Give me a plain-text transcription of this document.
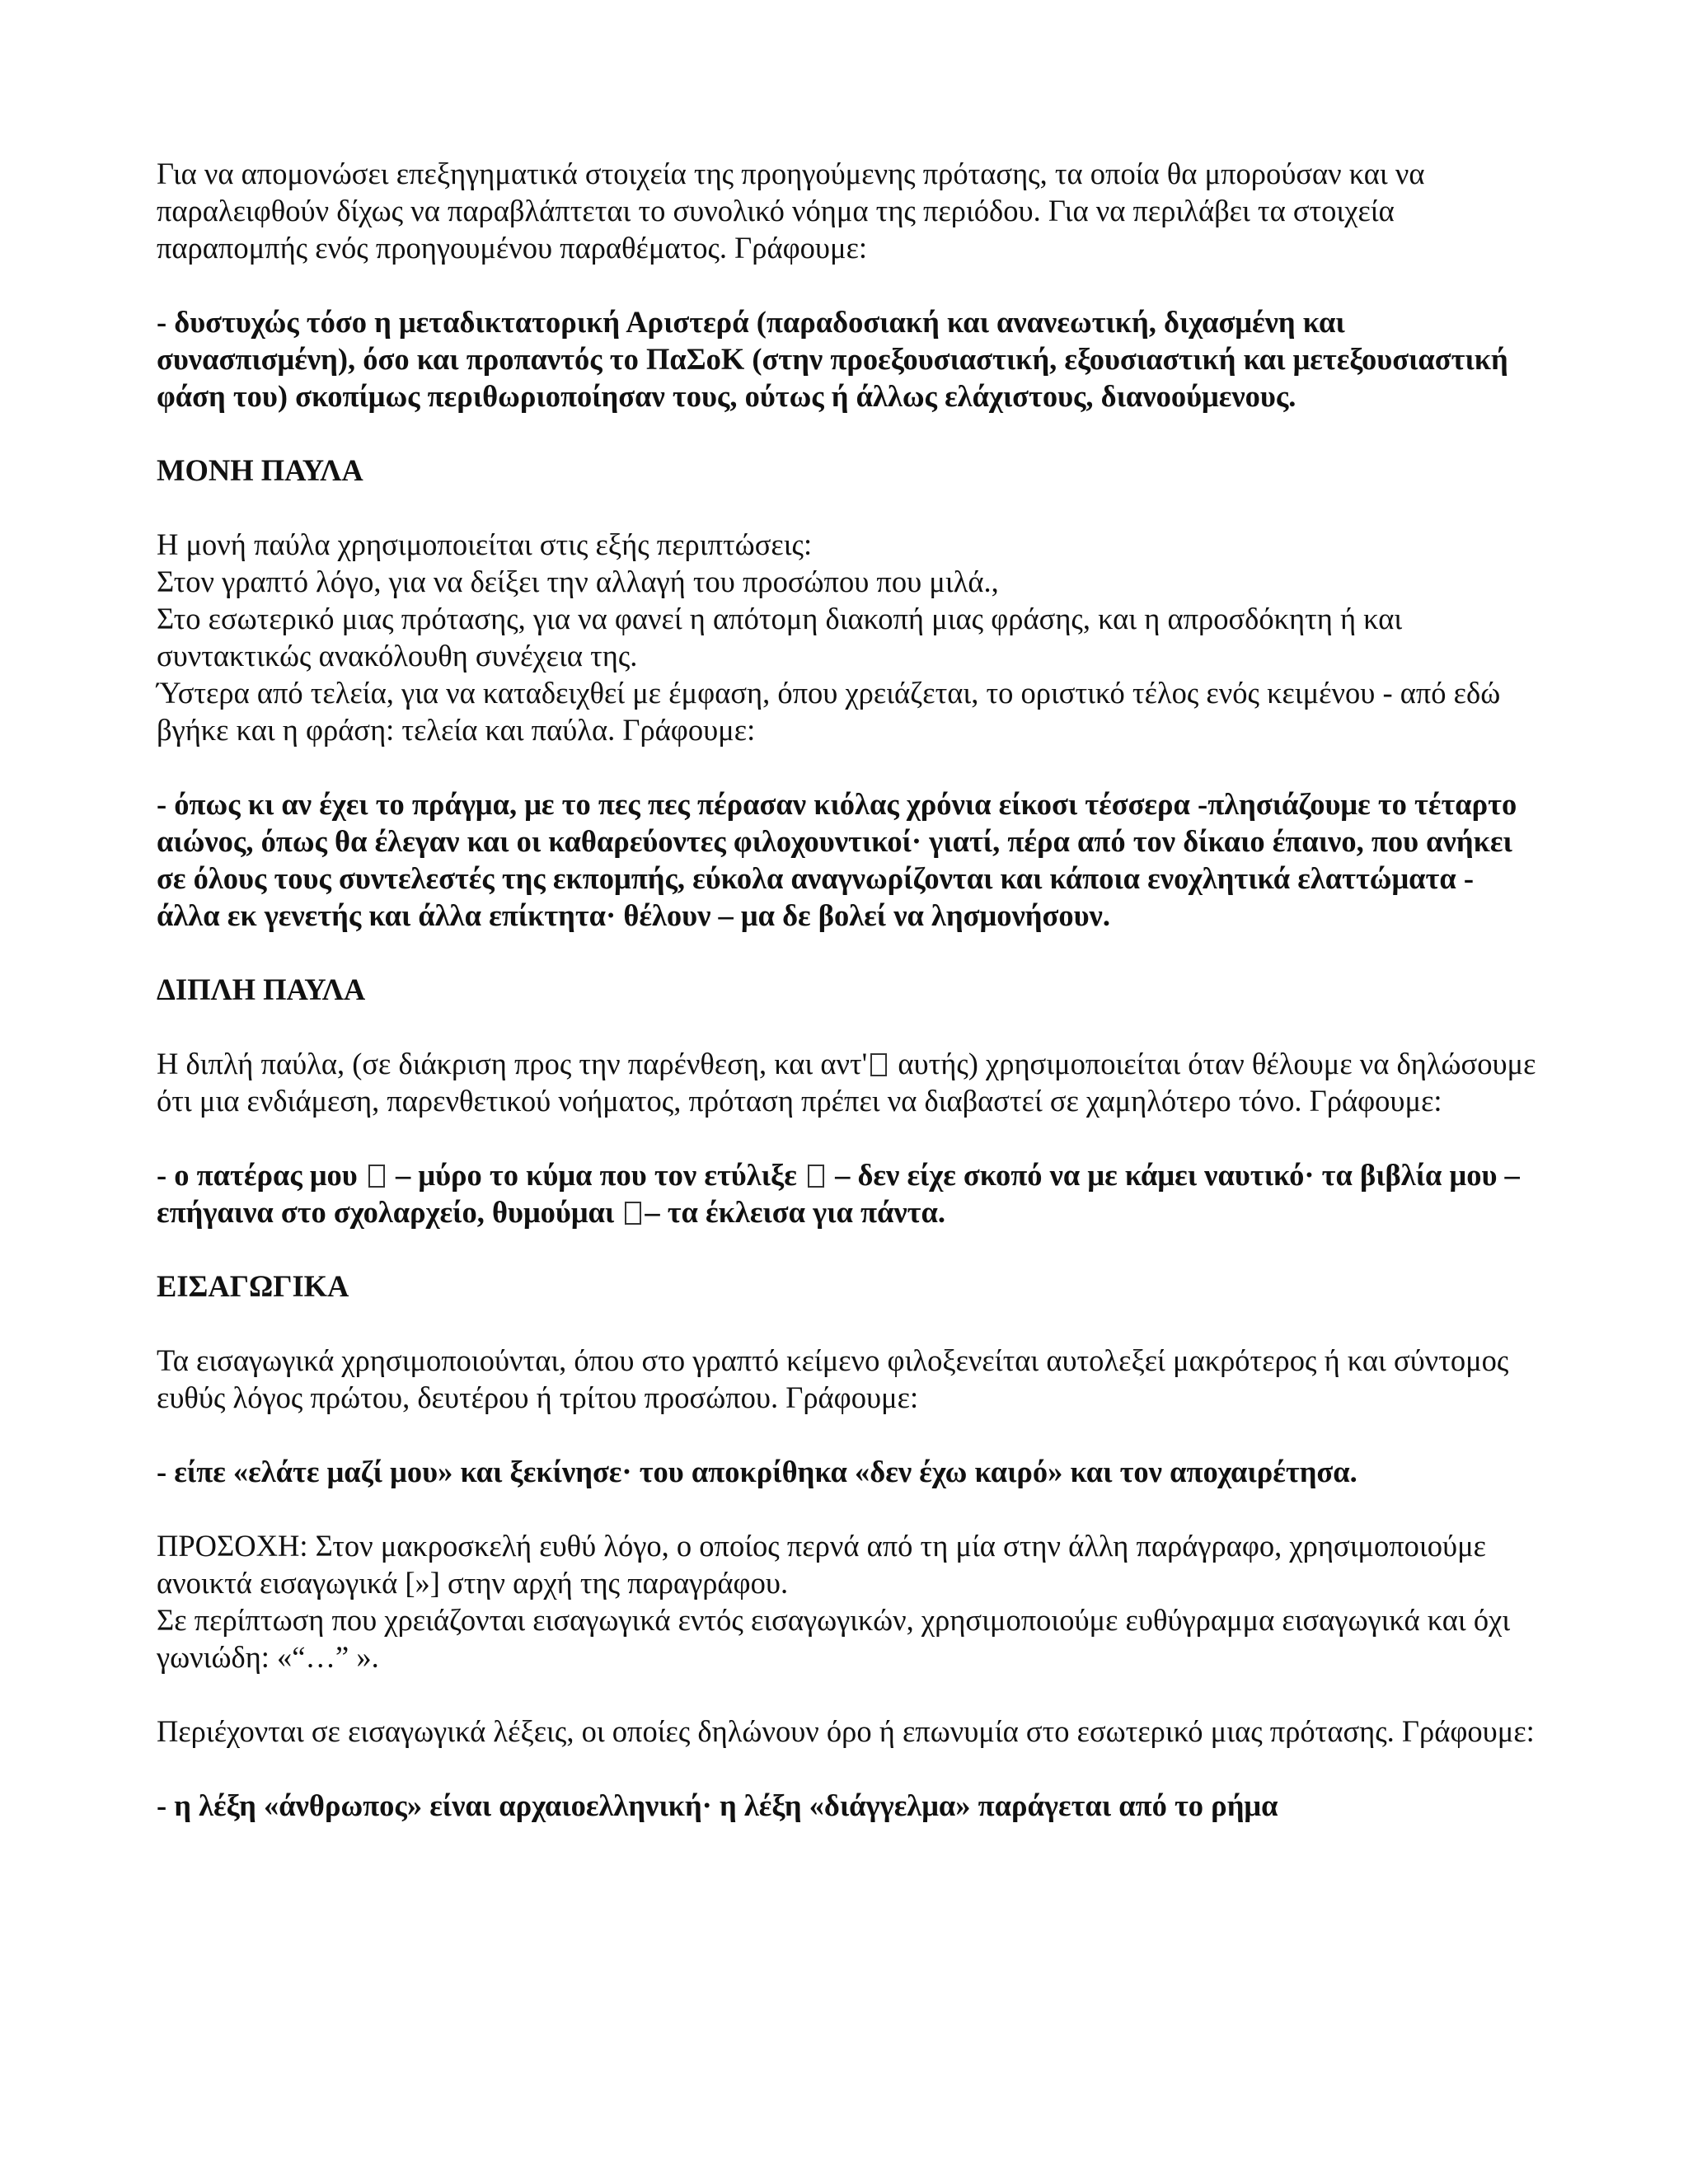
Για να απομονώσει επεξηγηματικά στοιχεία της προηγούμενης πρότασης, τα οποία θα μπορούσαν και να παραλειφθούν δίχως να παραβλάπτεται το συνολικό νόημα της περιόδου. Για να περιλάβει τα στοιχεία παραπομπής ενός προηγουμένου παραθέματος. Γράφουμε:

- δυστυχώς τόσο η μεταδικτατορική Αριστερά (παραδοσιακή και ανανεωτική, διχασμένη και συνασπισμένη), όσο και προπαντός το ΠαΣοΚ (στην προεξουσιαστική, εξουσιαστική και μετεξουσιαστική φάση του) σκοπίμως περιθωριοποίησαν τους, ούτως ή άλλως ελάχιστους, διανοούμενους.

ΜΟΝΗ ΠΑΥΛΑ

Η μονή παύλα χρησιμοποιείται στις εξής περιπτώσεις:
Στον γραπτό λόγο, για να δείξει την αλλαγή του προσώπου που μιλά.,
Στο εσωτερικό μιας πρότασης, για να φανεί η απότομη διακοπή μιας φράσης, και η απροσδόκητη ή και συντακτικώς ανακόλουθη συνέχεια της.
Ύστερα από τελεία, για να καταδειχθεί με έμφαση, όπου χρειάζεται, το οριστικό τέλος ενός κειμένου - από εδώ βγήκε και η φράση: τελεία και παύλα. Γράφουμε:

- όπως κι αν έχει το πράγμα, με το πες πες πέρασαν κιόλας χρόνια είκοσι τέσσερα -πλησιάζουμε το τέταρτο αιώνος, όπως θα έλεγαν και οι καθαρεύοντες φιλοχουντικοί· γιατί, πέρα από τον δίκαιο έπαινο, που ανήκει σε όλους τους συντελεστές της εκπομπής, εύκολα αναγνωρίζονται και κάποια ενοχλητικά ελαττώματα - άλλα εκ γενετής και άλλα επίκτητα· θέλουν – μα δε βολεί να λησμονήσουν.

ΔΙΠΛΗ ΠΑΥΛΑ

Η διπλή παύλα, (σε διάκριση προς την παρένθεση, και αντ' αυτής) χρησιμοποιείται όταν θέλουμε να δηλώσουμε ότι μια ενδιάμεση, παρενθετικού νοήματος, πρόταση πρέπει να διαβαστεί σε χαμηλότερο τόνο. Γράφουμε:

- ο πατέρας μου  – μύρο το κύμα που τον ετύλιξε  – δεν είχε σκοπό να με κάμει ναυτικό· τα βιβλία μου – επήγαινα στο σχολαρχείο, θυμούμαι – τα έκλεισα για πάντα.

ΕΙΣΑΓΩΓΙΚΑ

Τα εισαγωγικά χρησιμοποιούνται, όπου στο γραπτό κείμενο φιλοξενείται αυτολεξεί μακρότερος ή και σύντομος ευθύς λόγος πρώτου, δευτέρου ή τρίτου προσώπου. Γράφουμε:

- είπε «ελάτε μαζί μου» και ξεκίνησε· του αποκρίθηκα «δεν έχω καιρό» και τον αποχαιρέτησα.

ΠΡΟΣΟΧΗ: Στον μακροσκελή ευθύ λόγο, ο οποίος περνά από τη μία στην άλλη παράγραφο, χρησιμοποιούμε ανοικτά εισαγωγικά [»] στην αρχή της παραγράφου.
Σε περίπτωση που χρειάζονται εισαγωγικά εντός εισαγωγικών, χρησιμοποιούμε ευθύγραμμα εισαγωγικά και όχι γωνιώδη: «“…” ».

Περιέχονται σε εισαγωγικά λέξεις, οι οποίες δηλώνουν όρο ή επωνυμία στο εσωτερικό μιας πρότασης. Γράφουμε:

- η λέξη «άνθρωπος» είναι αρχαιοελληνική· η λέξη «διάγγελμα» παράγεται από το ρήμα
